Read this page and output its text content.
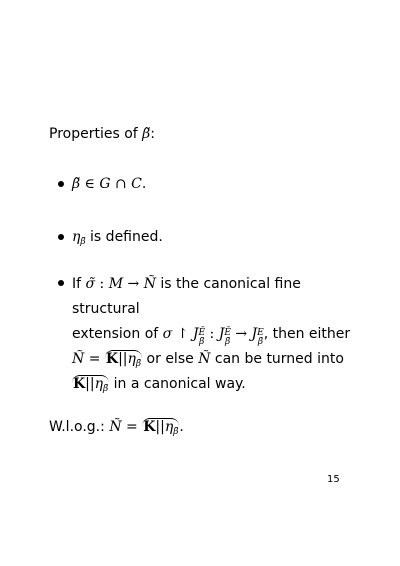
Properties of β̃:
β̃ ∈ G ∩ C.
$\eta_{\betã}$ is defined.
If σ̃ : M → Ñ is the canonical fine structural
extension of σ ↾ J Ē
β̄ : J Ē
β̃ → J E
β̃ , then either
Ñ = $K||\eta_{\betã}$ or else Ñ can be turned into
$K||\eta_{\betã}$ in a canonical way.
W.l.o.g.: Ñ = $K||\eta_{\betã}$.
15
